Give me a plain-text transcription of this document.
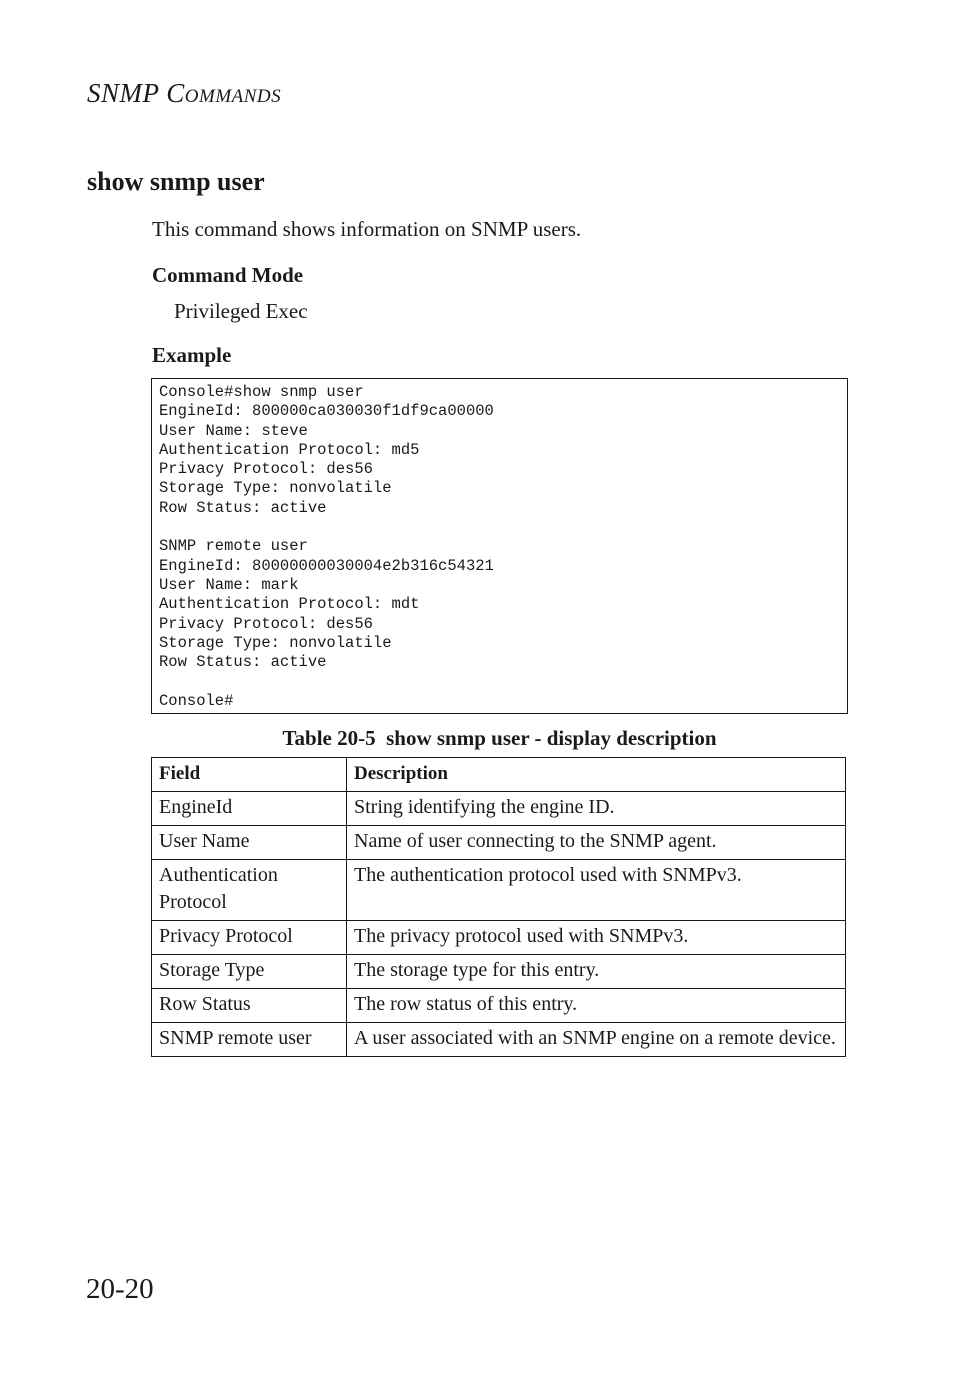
SNMP COMMANDS
show snmp user
This command shows information on SNMP users.
Command Mode
Privileged Exec
Example
Console#show snmp user
EngineId: 800000ca030030f1df9ca00000
User Name: steve
Authentication Protocol: md5
Privacy Protocol: des56
Storage Type: nonvolatile
Row Status: active
SNMP remote user
EngineId: 80000000030004e2b316c54321
User Name: mark
Authentication Protocol: mdt
Privacy Protocol: des56
Storage Type: nonvolatile
Row Status: active
Console#
Table 20-5  show snmp user - display description
Field	Description
EngineId	String identifying the engine ID.
User Name	Name of user connecting to the SNMP agent.
Authentication Protocol	The authentication protocol used with SNMPv3.
Privacy Protocol	The privacy protocol used with SNMPv3.
Storage Type	The storage type for this entry.
Row Status	The row status of this entry.
SNMP remote user	A user associated with an SNMP engine on a remote device.
20-20
